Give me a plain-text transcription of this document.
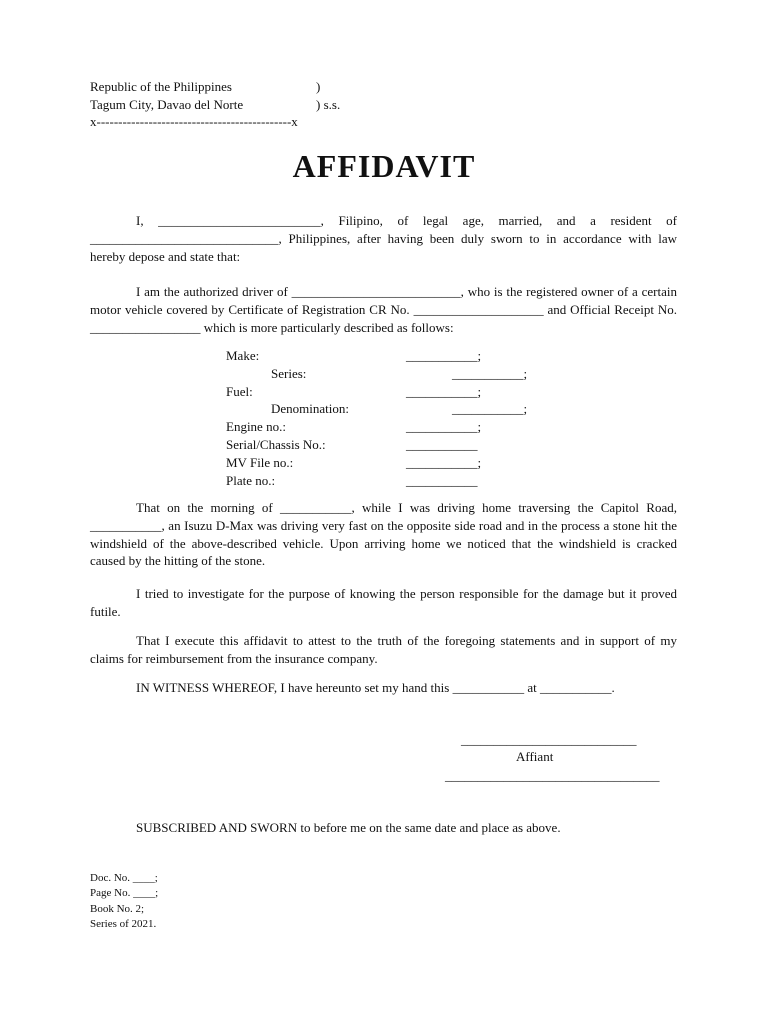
Republic of the Philippines	)
Tagum City, Davao del Norte	) s.s.
x---------------------------------------------x
AFFIDAVIT
I, _________________________, Filipino, of legal age, married, and a resident of _____________________________, Philippines, after having been duly sworn to in accordance with law hereby depose and state that:
I am the authorized driver of __________________________, who is the registered owner of a certain motor vehicle covered by Certificate of Registration CR No. ____________________ and Official Receipt No. _________________ which is more particularly described as follows:

Make:

	___________;

Series:

	___________;

Fuel:

	___________;

Denomination:

	___________;

Engine no.:

	___________;

Serial/Chassis No.:

	___________

MV File no.:

	___________;

Plate no.:

	___________

That on the morning of ___________, while I was driving home traversing the Capitol Road, ___________, an Isuzu D-Max was driving very fast on the opposite side road and in the process a stone hit the windshield of the above-described vehicle. Upon arriving home we noticed that the windshield is cracked caused by the hitting of the stone.
I tried to investigate for the purpose of knowing the person responsible for the damage but it proved futile.
That I execute this affidavit to attest to the truth of the foregoing statements and in support of my claims for reimbursement from the insurance company.
IN WITNESS WHEREOF, I have hereunto set my hand this ___________ at ___________.
___________________________
Affiant
_________________________________
SUBSCRIBED AND SWORN to before me on the same date and place as above.
Doc. No. ____;
Page No. ____;
Book No. 2;
Series of 2021.
